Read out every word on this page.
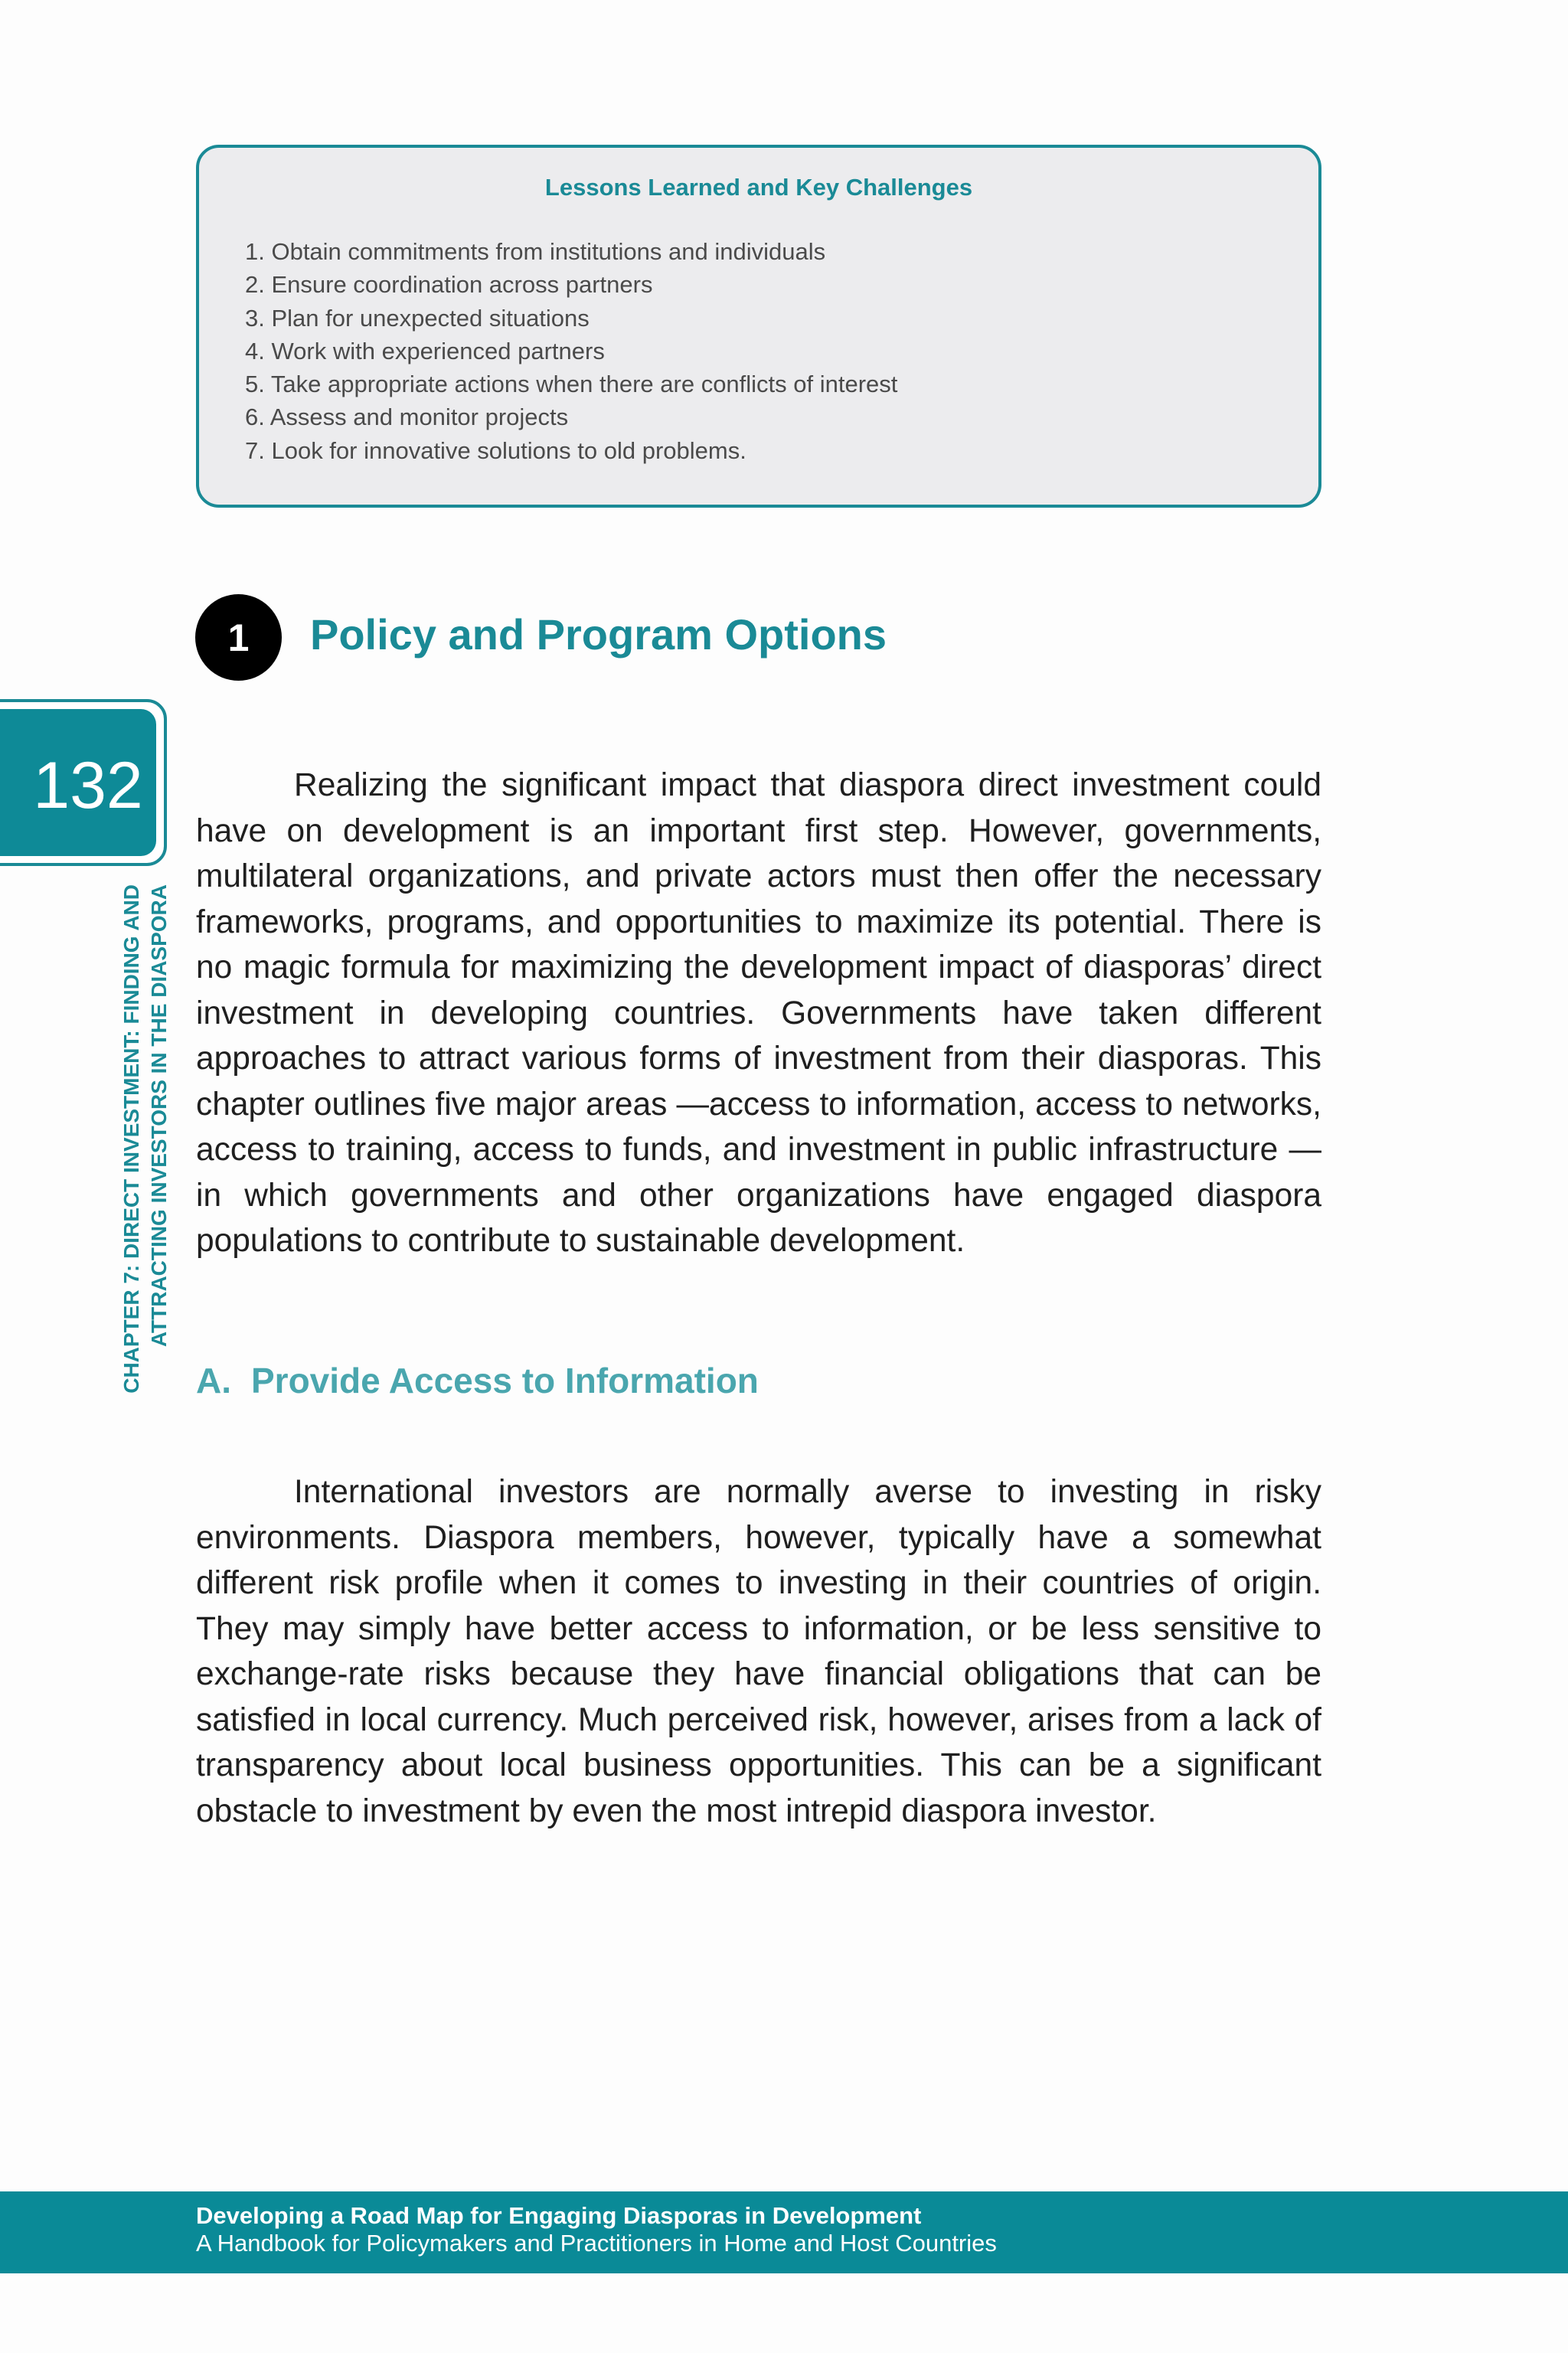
Lessons Learned and Key Challenges
1. Obtain commitments from institutions and individuals
2. Ensure coordination across partners
3. Plan for unexpected situations
4. Work with experienced partners
5. Take appropriate actions when there are conflicts of interest
6. Assess and monitor projects
7. Look for innovative solutions to old problems.
1	Policy and Program Options
132
CHAPTER 7: DIRECT INVESTMENT: FINDING AND ATTRACTING INVESTORS IN THE DIASPORA
Realizing the significant impact that diaspora direct investment could have on development is an important first step. However, governments, multilateral organizations, and private actors must then offer the necessary frameworks, programs, and opportunities to maximize its potential. There is no magic formula for maximizing the development impact of diasporas’ direct investment in developing countries. Governments have taken different approaches to attract various forms of investment from their diasporas. This chapter outlines five major areas —access to information, access to networks, access to training, access to funds, and investment in public infrastructure — in which governments and other organizations have engaged diaspora populations to contribute to sustainable development.
A. Provide Access to Information
International investors are normally averse to investing in risky environments. Diaspora members, however, typically have a somewhat different risk profile when it comes to investing in their countries of origin. They may simply have better access to information, or be less sensitive to exchange-rate risks because they have financial obligations that can be satisfied in local currency. Much perceived risk, however, arises from a lack of transparency about local business opportunities. This can be a significant obstacle to investment by even the most intrepid diaspora investor.
Developing a Road Map for Engaging Diasporas in Development
A Handbook for Policymakers and Practitioners in Home and Host Countries
